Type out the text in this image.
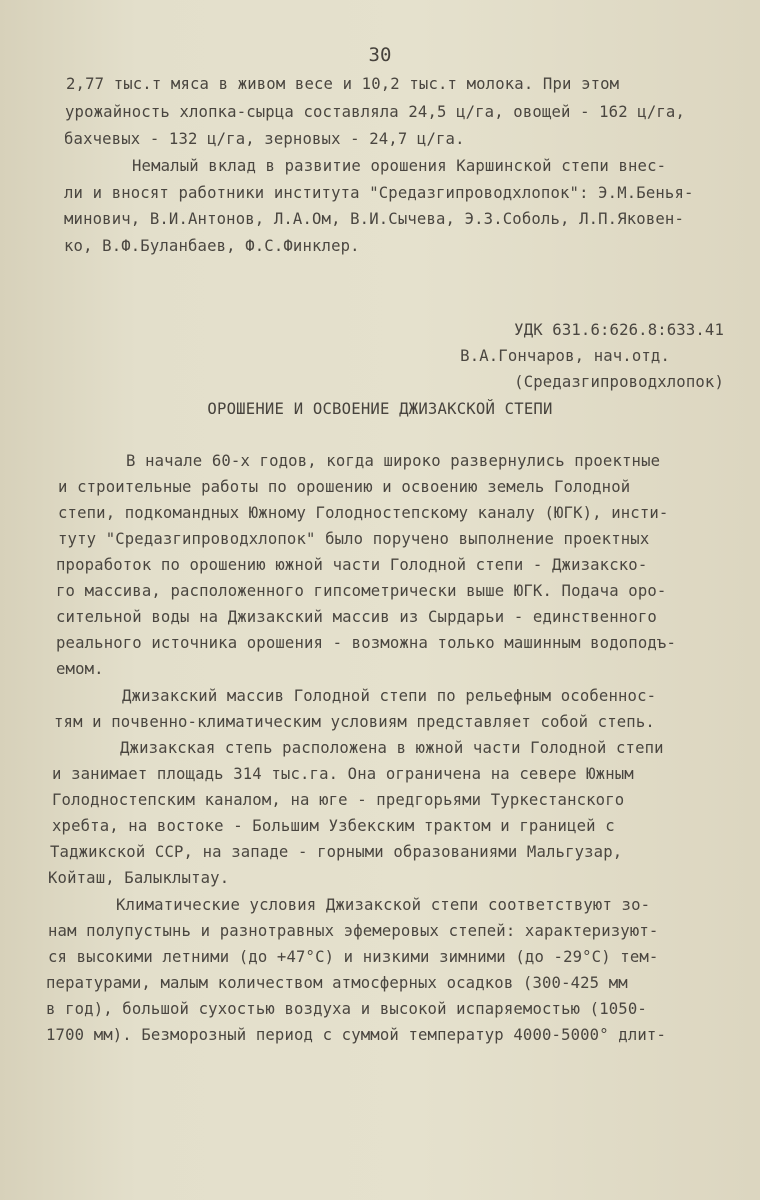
30
2,77 тыс.т мяса в живом весе и 10,2 тыс.т молока. При этом
урожайность хлопка-сырца составляла 24,5 ц/га, овощей - 162 ц/га,
бахчевых - 132 ц/га, зерновых - 24,7 ц/га.
Немалый вклад в развитие орошения Каршинской степи внес-
ли и вносят работники института "Средазгипроводхлопок": Э.М.Бенья-
минович, В.И.Антонов, Л.А.Ом, В.И.Сычева, Э.З.Соболь, Л.П.Яковен-
ко, В.Ф.Буланбаев, Ф.С.Финклер.
УДК 631.6:626.8:633.41
В.А.Гончаров, нач.отд.
(Средазгипроводхлопок)
ОРОШЕНИЕ И ОСВОЕНИЕ ДЖИЗАКСКОЙ СТЕПИ
В начале 60-х годов, когда широко развернулись проектные
и строительные работы по орошению и освоению земель Голодной
степи, подкомандных Южному Голодностепскому каналу (ЮГК), инсти-
туту "Средазгипроводхлопок" было поручено выполнение проектных
проработок по орошению южной части Голодной степи - Джизакско-
го массива, расположенного гипсометрически выше ЮГК. Подача оро-
сительной воды на Джизакский массив из Сырдарьи - единственного
реального источника орошения - возможна только машинным водоподъ-
емом.
Джизакский массив Голодной степи по рельефным особеннос-
тям и почвенно-климатическим условиям представляет собой степь.
Джизакская степь расположена в южной части Голодной степи
и занимает площадь 314 тыс.га. Она ограничена на севере Южным
Голодностепским каналом, на юге - предгорьями Туркестанского
хребта, на востоке - Большим Узбекским трактом и границей с
Таджикской ССР, на западе - горными образованиями Мальгузар,
Койташ, Балыклытау.
Климатические условия Джизакской степи соответствуют зо-
нам полупустынь и разнотравных эфемеровых степей: характеризуют-
ся высокими летними (до +47°С) и низкими зимними (до -29°С) тем-
пературами, малым количеством атмосферных осадков (300-425 мм
в год), большой сухостью воздуха и высокой испаряемостью (1050-
1700 мм). Безморозный период с суммой температур 4000-5000° длит-
